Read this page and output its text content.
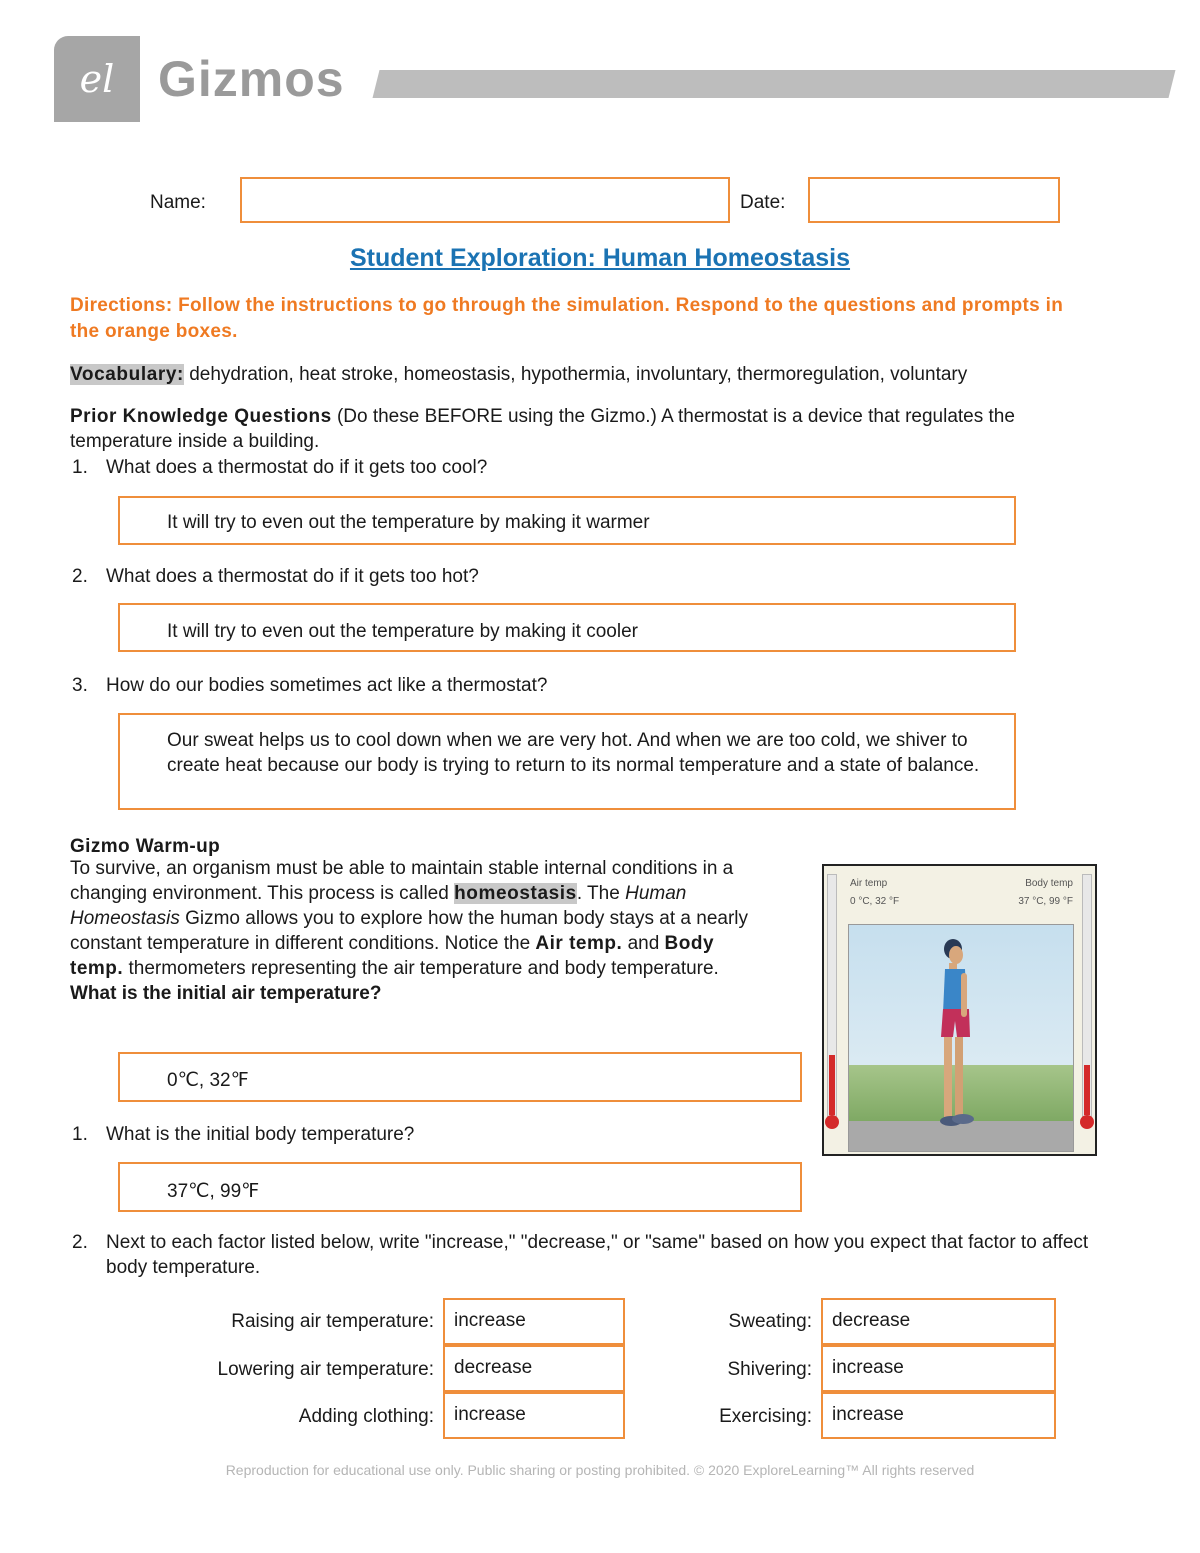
el Gizmos
Name:	Date:
Student Exploration: Human Homeostasis
Directions: Follow the instructions to go through the simulation. Respond to the questions and prompts in the orange boxes.
Vocabulary: dehydration, heat stroke, homeostasis, hypothermia, involuntary, thermoregulation, voluntary
Prior Knowledge Questions (Do these BEFORE using the Gizmo.) A thermostat is a device that regulates the temperature inside a building.
1. What does a thermostat do if it gets too cool?
It will try to even out the temperature by making it warmer
2. What does a thermostat do if it gets too hot?
It will try to even out the temperature by making it cooler
3. How do our bodies sometimes act like a thermostat?
Our sweat helps us to cool down when we are very hot. And when we are too cold, we shiver to create heat because our body is trying to return to its normal temperature and a state of balance.
Gizmo Warm-up
To survive, an organism must be able to maintain stable internal conditions in a changing environment. This process is called homeostasis. The Human Homeostasis Gizmo allows you to explore how the human body stays at a nearly constant temperature in different conditions. Notice the Air temp. and Body temp. thermometers representing the air temperature and body temperature.
What is the initial air temperature?
0℃, 32℉
1. What is the initial body temperature?
37℃, 99℉
2. Next to each factor listed below, write "increase," "decrease," or "same" based on how you expect that factor to affect body temperature.
Air temp
0 °C, 32 °F
Body temp
37 °C, 99 °F
Raising air temperature:	increase
Lowering air temperature:	decrease
Adding clothing:	increase
Sweating:	decrease
Shivering:	increase
Exercising:	increase
Reproduction for educational use only. Public sharing or posting prohibited. © 2020 ExploreLearning™ All rights reserved
